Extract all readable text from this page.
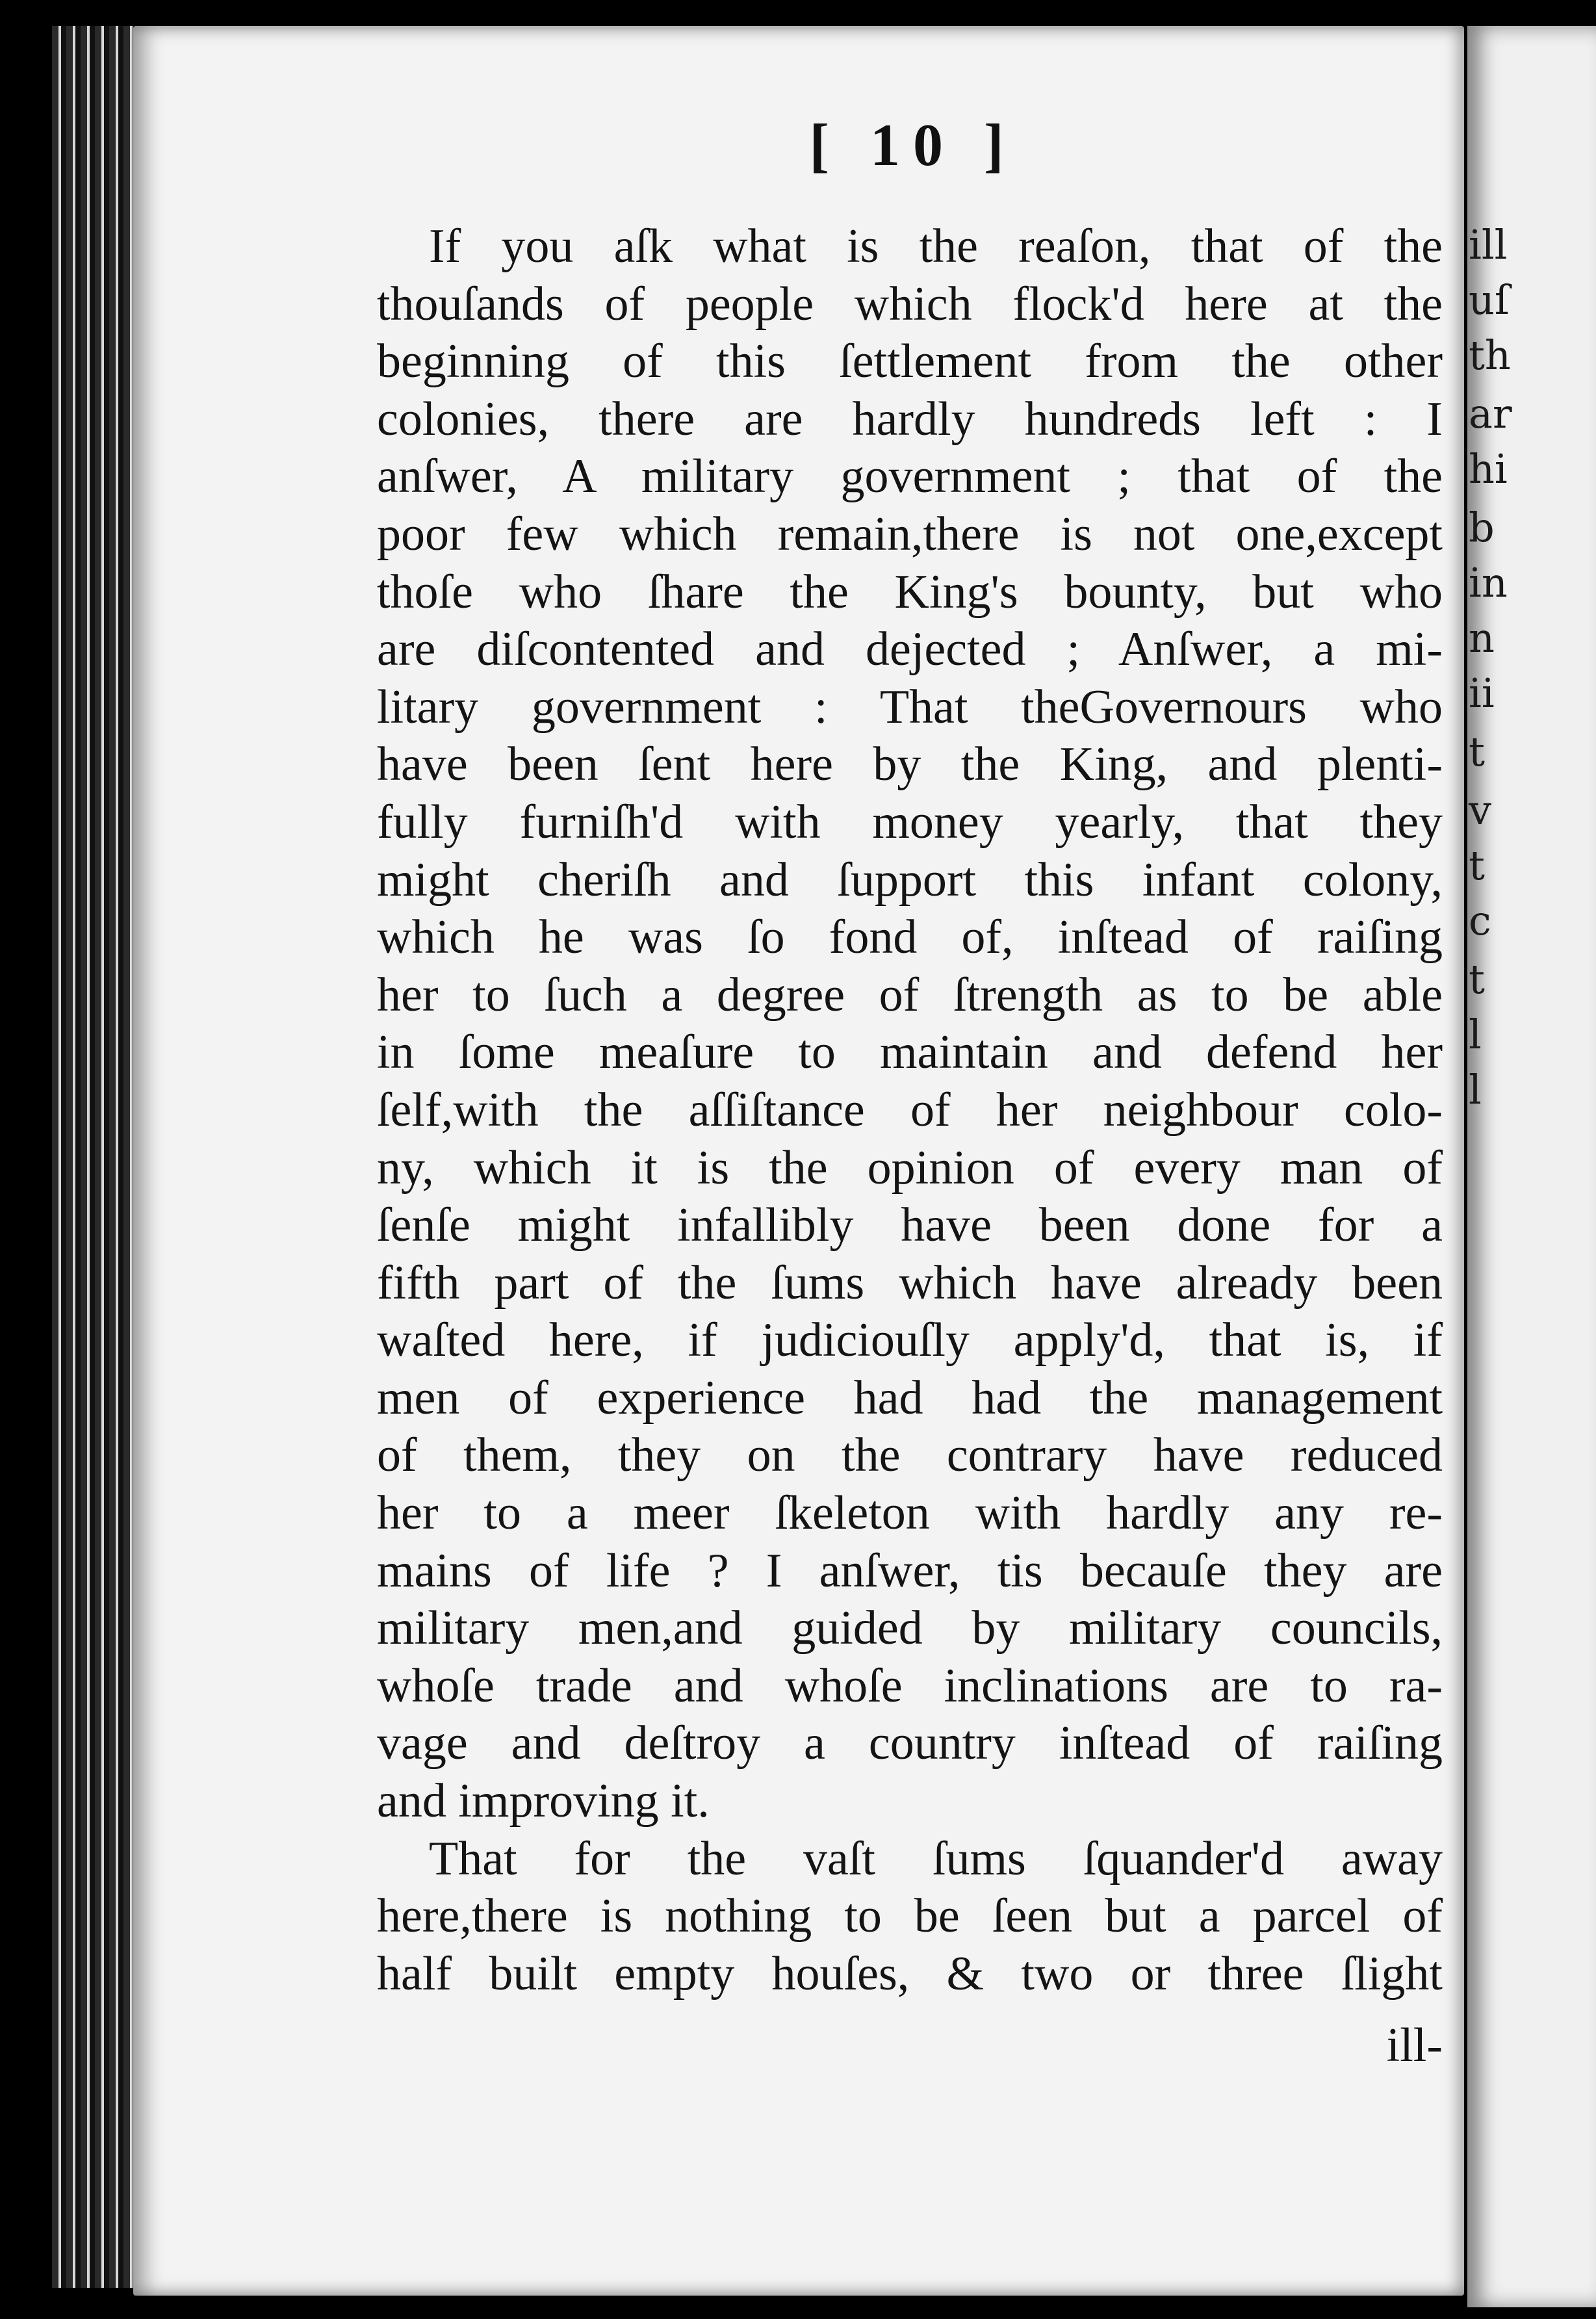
ill

uſ

th

ar

hi

b

in

n

ii

t

v

t

c

t

l

l

[ 10 ]

If you aſk what is the reaſon, that of the
thouſands of people which flock'd here at the
beginning of this ſettlement from the other
colonies, there are hardly hundreds left : I
anſwer, A military government ; that of the
poor few which remain,there is not one,except
thoſe who ſhare the King's bounty, but who
are diſcontented and dejected ; Anſwer, a mi-
litary government : That theGovernours who
have been ſent here by the King, and plenti-
fully furniſh'd with money yearly, that they
might cheriſh and ſupport this infant colony,
which he was ſo fond of, inſtead of raiſing
her to ſuch a degree of ſtrength as to be able
in ſome meaſure to maintain and defend her
ſelf,with the aſſiſtance of her neighbour colo-
ny, which it is the opinion of every man of
ſenſe might infallibly have been done for a
fifth part of the ſums which have already been
waſted here, if judiciouſly apply'd, that is, if
men of experience had had the management
of them, they on the contrary have reduced
her to a meer ſkeleton with hardly any re-
mains of life ? I anſwer, tis becauſe they are
military men,and guided by military councils,
whoſe trade and whoſe inclinations are to ra-
vage and deſtroy a country inſtead of raiſing
and improving it.
That for the vaſt ſums ſquander'd away
here,there is nothing to be ſeen but a parcel of
half built empty houſes, & two or three ſlight

ill-
